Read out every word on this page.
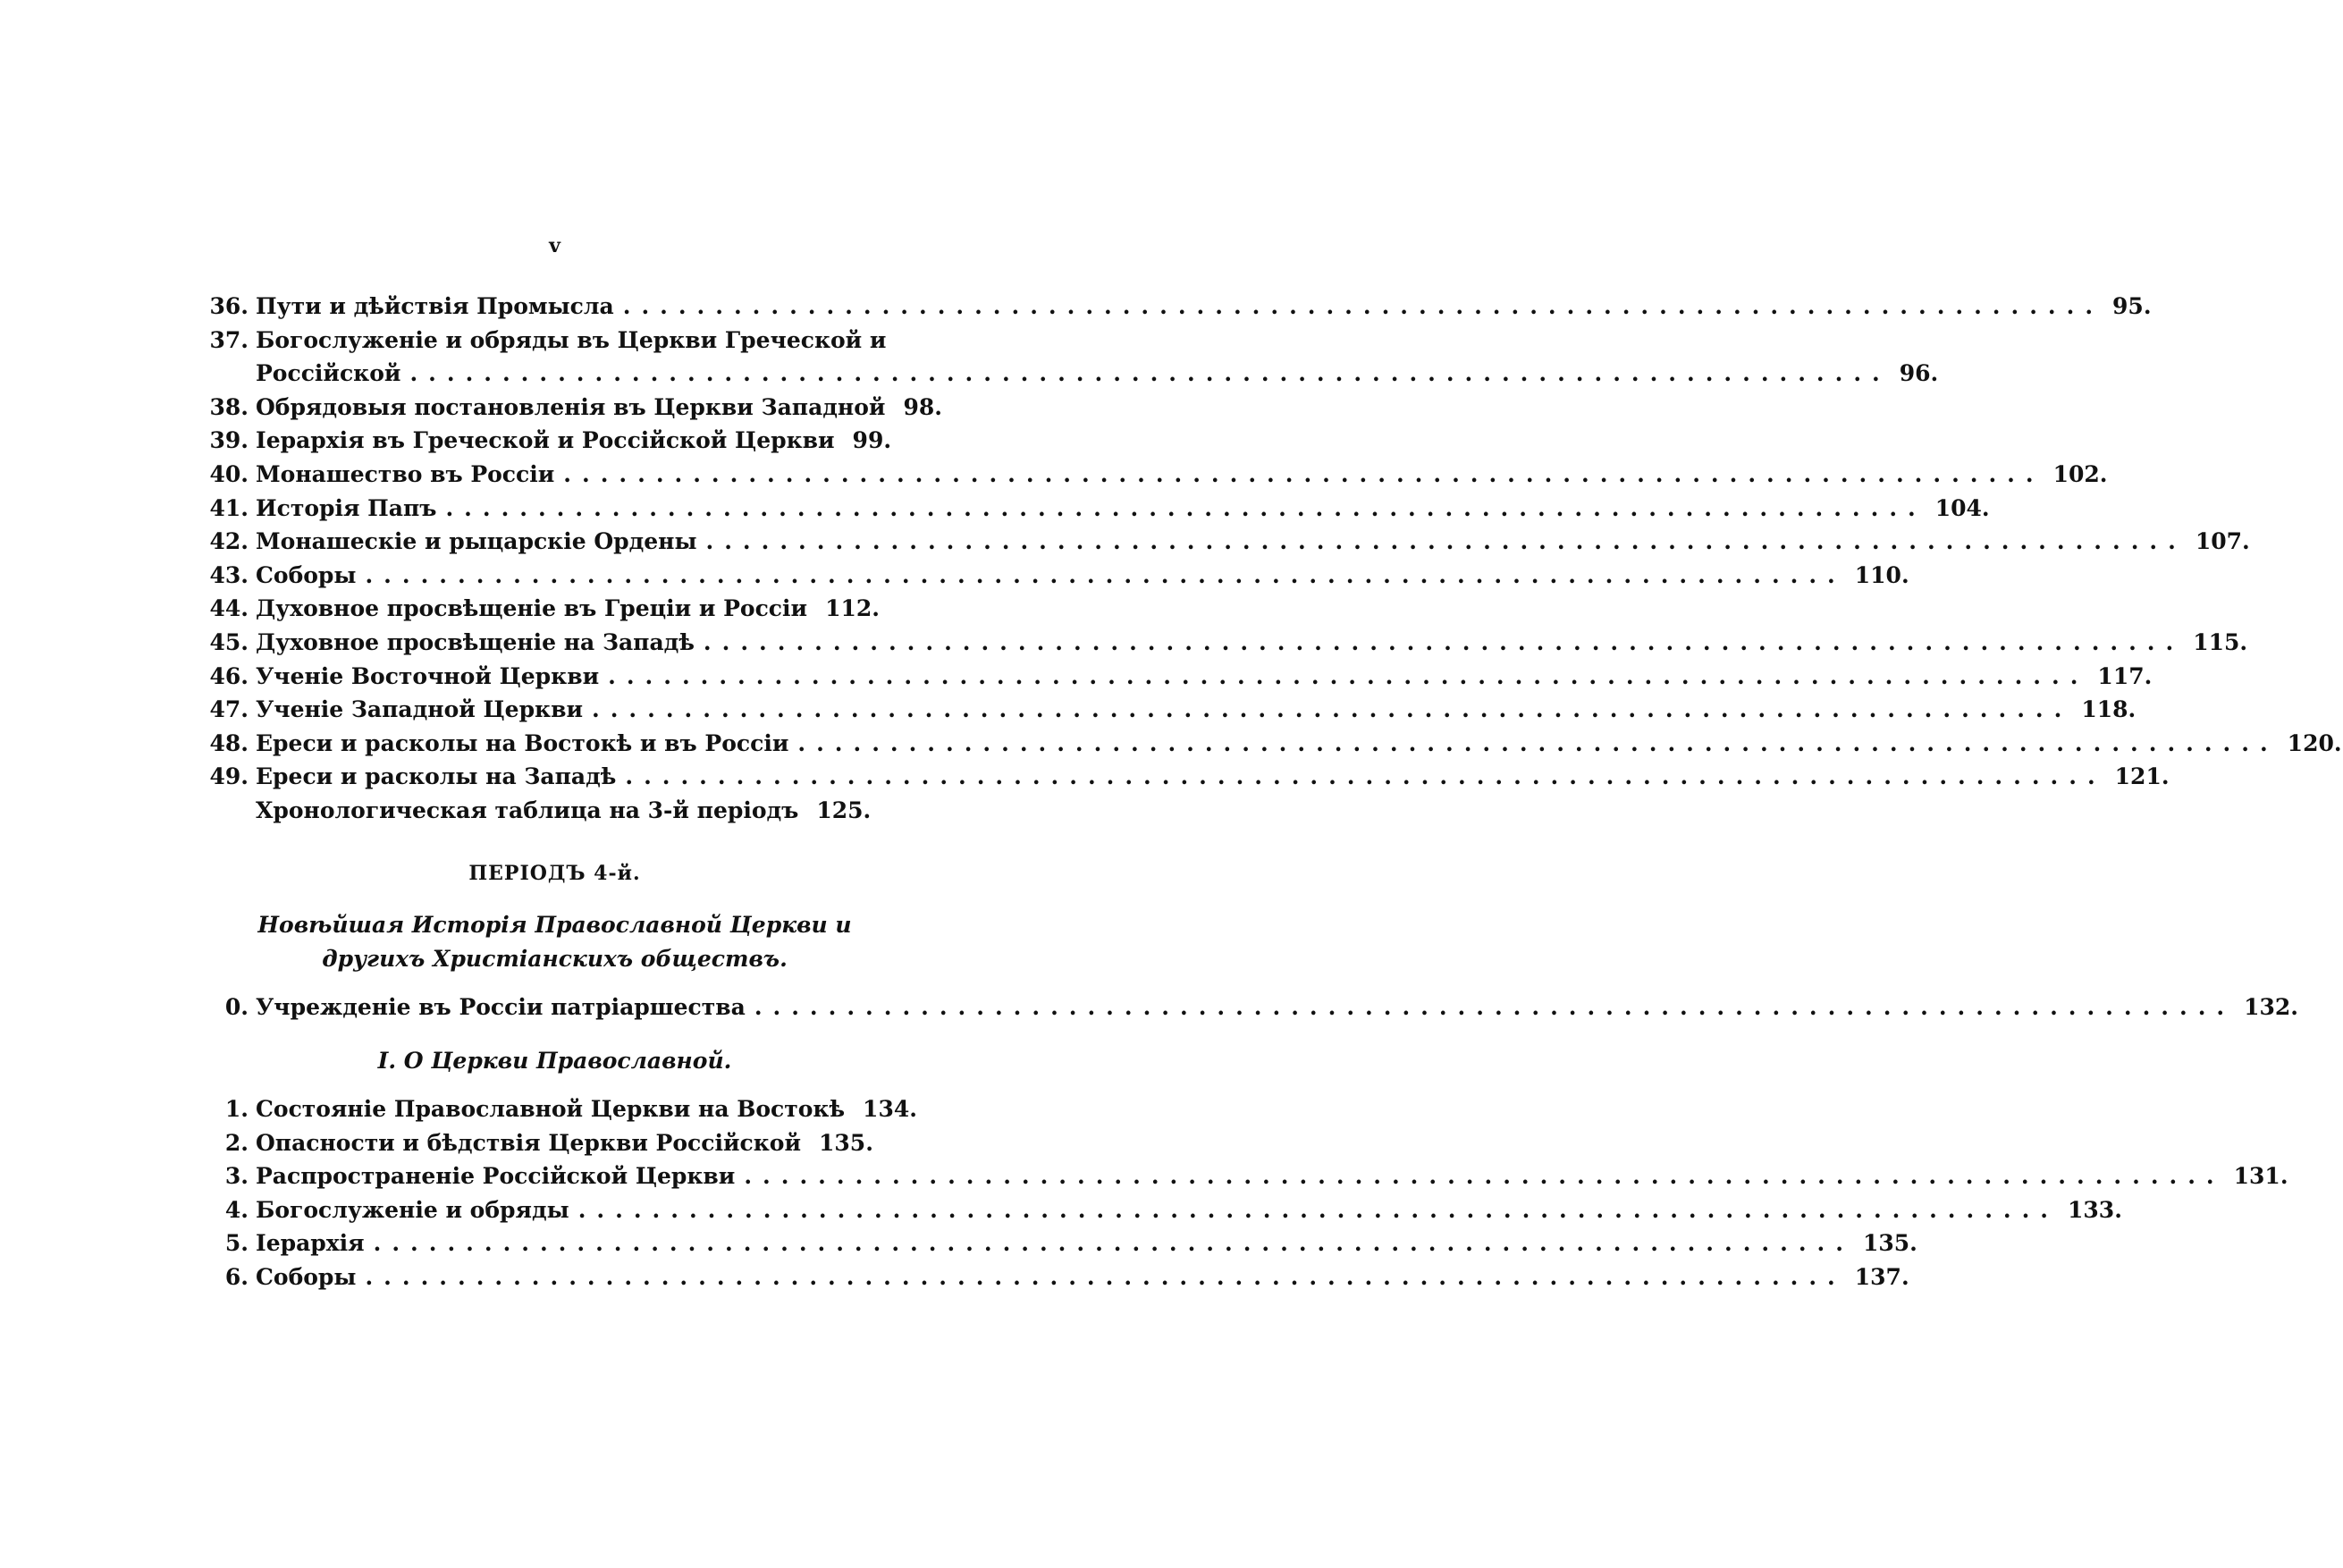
v
36. Пути и дѣйствія Промысла ................................................................................ 95.
37. Богослуженіе и обряды въ Церкви Греческой и
Россійской ................................................................................ 96.
38. Обрядовыя постановленія въ Церкви Западной 98.
39. Іерархія въ Греческой и Россійской Церкви 99.
40. Монашество въ Россіи ................................................................................ 102.
41. Исторія Папъ ................................................................................ 104.
42. Монашескіе и рыцарскіе Ордены ................................................................................ 107.
43. Соборы ................................................................................ 110.
44. Духовное просвѣщеніе въ Греціи и Россіи 112.
45. Духовное просвѣщеніе на Западѣ ................................................................................ 115.
46. Ученіе Восточной Церкви ................................................................................ 117.
47. Ученіе Западной Церкви ................................................................................ 118.
48. Ереси и расколы на Востокѣ и въ Россіи ................................................................................ 120.
49. Ереси и расколы на Западѣ ................................................................................ 121.
Хронологическая таблица на 3-й періодъ 125.
ПЕРІОДЪ 4-й.
Новѣйшая Исторія Православной Церкви и
другихъ Христіанскихъ обществъ.
0. Учрежденіе въ Россіи патріаршества ................................................................................ 132.
I. О Церкви Православной.
1. Состояніе Православной Церкви на Востокѣ 134.
2. Опасности и бѣдствія Церкви Россійской 135.
3. Распространеніе Россійской Церкви ................................................................................ 131.
4. Богослуженіе и обряды ................................................................................ 133.
5. Іерархія ................................................................................ 135.
6. Соборы ................................................................................ 137.
